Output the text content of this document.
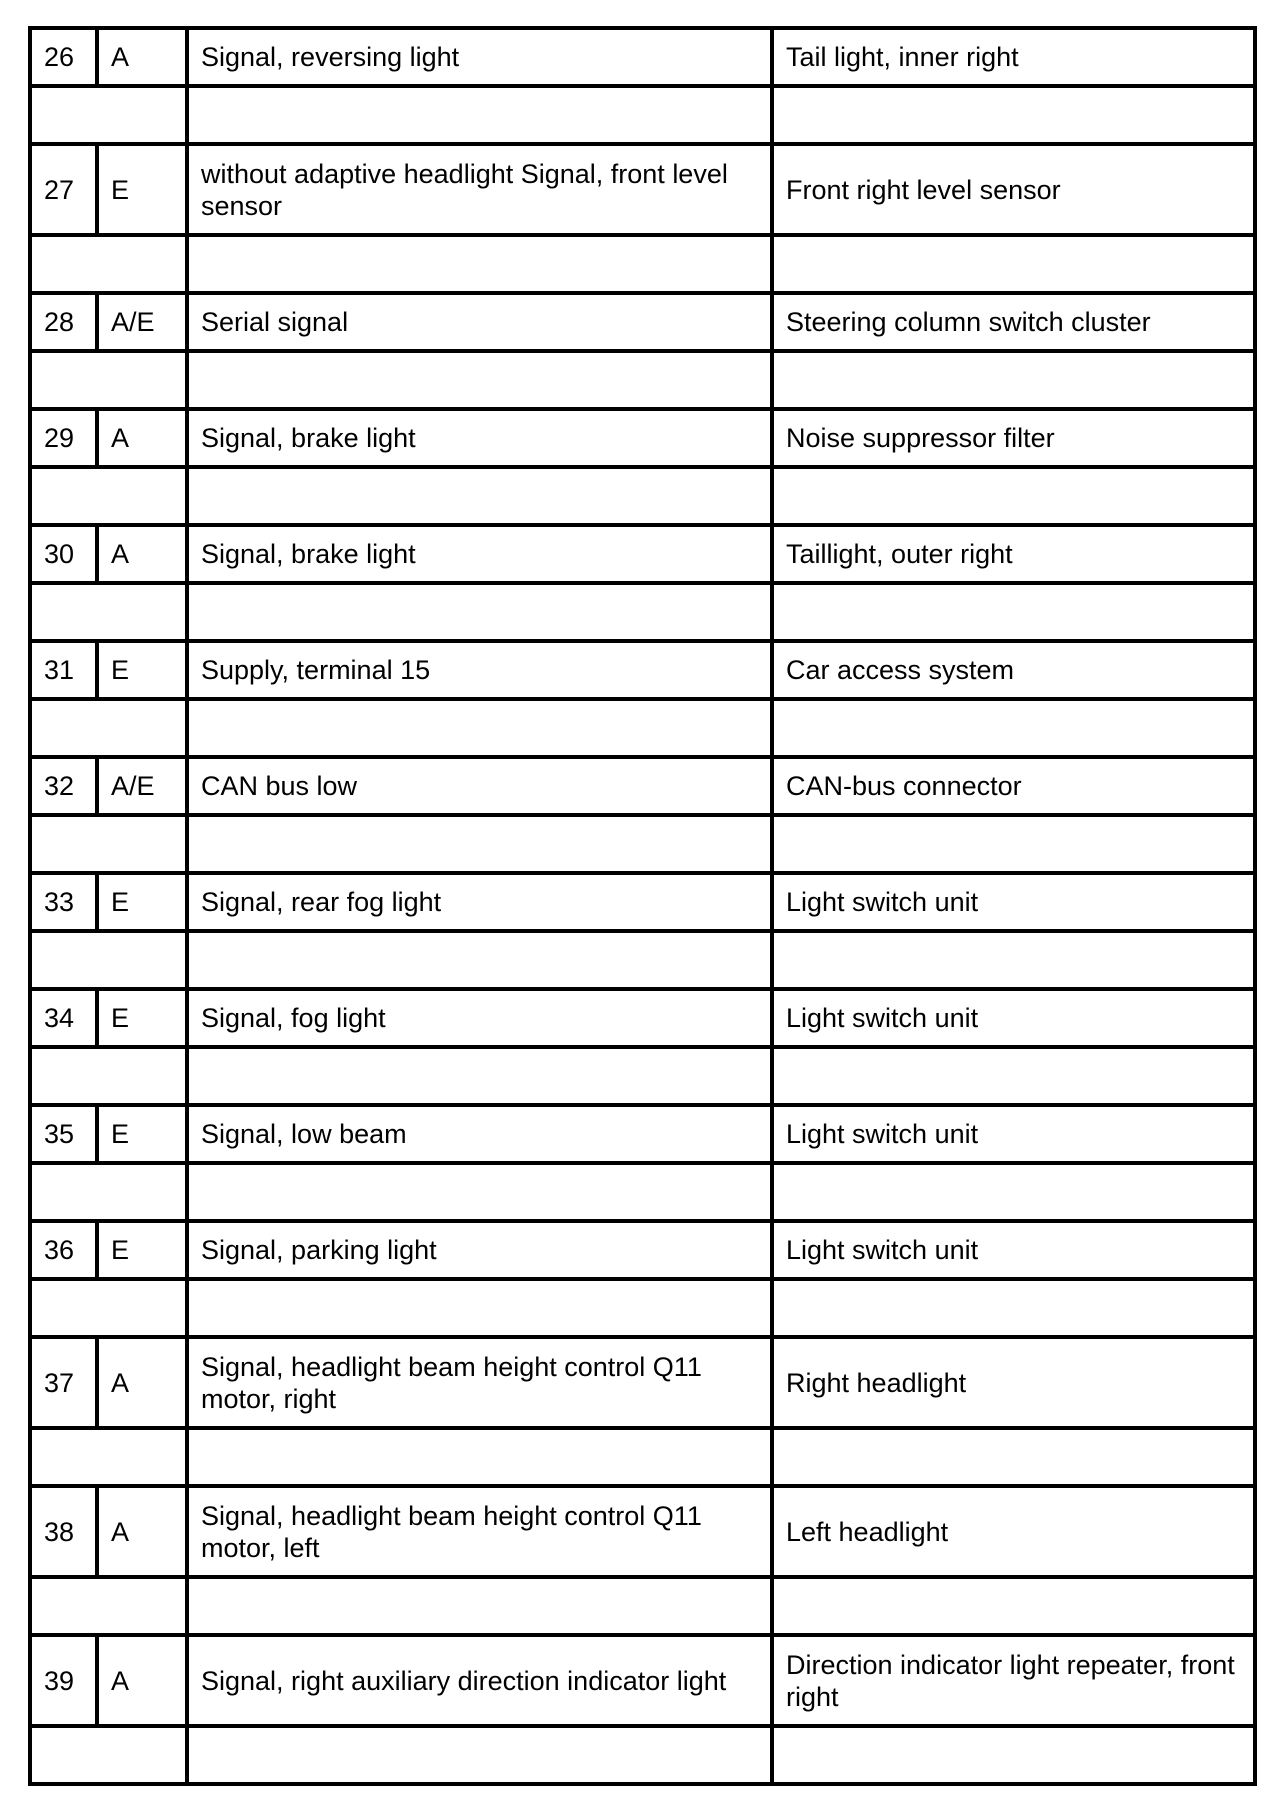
26	A	Signal, reversing light	Tail light, inner right

27	E	without adaptive headlight Signal, front level sensor	Front right level sensor

28	A/E	Serial signal	Steering column switch cluster

29	A	Signal, brake light	Noise suppressor filter

30	A	Signal, brake light	Taillight, outer right

31	E	Supply, terminal 15	Car access system

32	A/E	CAN bus low	CAN-bus connector

33	E	Signal, rear fog light	Light switch unit

34	E	Signal, fog light	Light switch unit

35	E	Signal, low beam	Light switch unit

36	E	Signal, parking light	Light switch unit

37	A	Signal, headlight beam height control Q11 motor, right	Right headlight

38	A	Signal, headlight beam height control Q11 motor, left	Left headlight

39	A	Signal, right auxiliary direction indicator light	Direction indicator light repeater, front right
